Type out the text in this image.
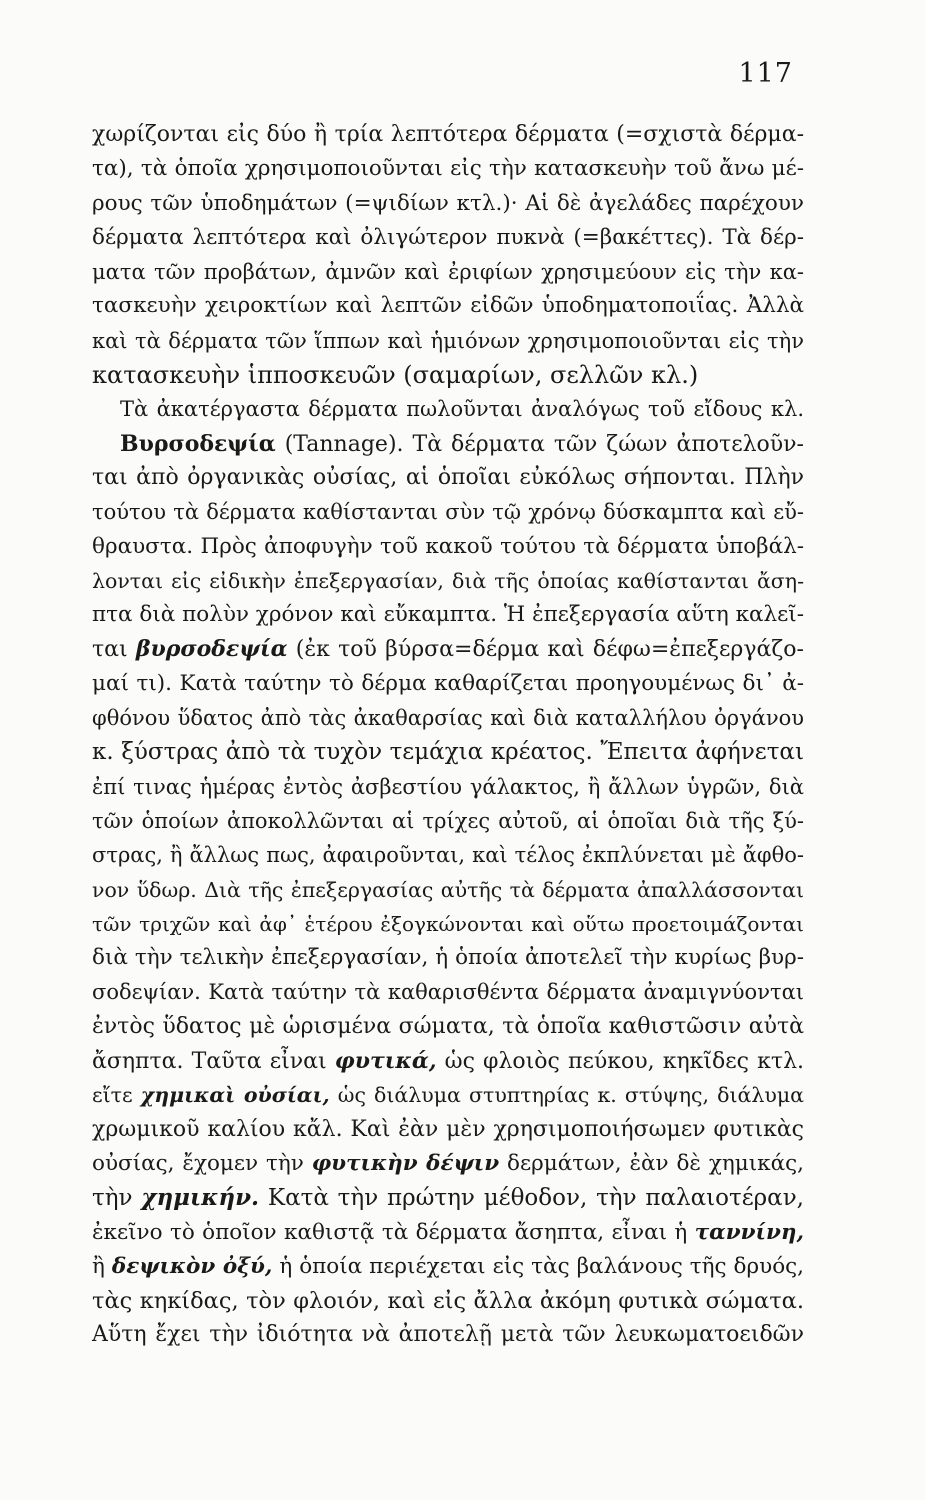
117
χωρίζονται εἰς δύο ἢ τρία λεπτότερα δέρματα (=σχιστὰ δέρμα-
τα), τὰ ὁποῖα χρησιμοποιοῦνται εἰς τὴν κατασκευὴν τοῦ ἄνω μέ-
ρους τῶν ὑποδημάτων (=ψιδίων κτλ.)· Αἱ δὲ ἀγελάδες παρέχουν
δέρματα λεπτότερα καὶ ὀλιγώτερον πυκνὰ (=βακέττες). Τὰ δέρ-
ματα τῶν προβάτων, ἀμνῶν καὶ ἐριφίων χρησιμεύουν εἰς τὴν κα-
τασκευὴν χειροκτίων καὶ λεπτῶν εἰδῶν ὑποδηματοποιΐας. Ἀλλὰ
καὶ τὰ δέρματα τῶν ἵππων καὶ ἡμιόνων χρησιμοποιοῦνται εἰς τὴν
κατασκευὴν ἱπποσκευῶν (σαμαρίων, σελλῶν κλ.)
Τὰ ἀκατέργαστα δέρματα πωλοῦνται ἀναλόγως τοῦ εἴδους κλ.
Βυρσοδεψία (Tannage). Τὰ δέρματα τῶν ζώων ἀποτελοῦν-
ται ἀπὸ ὀργανικὰς οὐσίας, αἱ ὁποῖαι εὐκόλως σήπονται. Πλὴν
τούτου τὰ δέρματα καθίστανται σὺν τῷ χρόνῳ δύσκαμπτα καὶ εὔ-
θραυστα. Πρὸς ἀποφυγὴν τοῦ κακοῦ τούτου τὰ δέρματα ὑποβάλ-
λονται εἰς εἰδικὴν ἐπεξεργασίαν, διὰ τῆς ὁποίας καθίστανται ἄση-
πτα διὰ πολὺν χρόνον καὶ εὔκαμπτα. Ἡ ἐπεξεργασία αὕτη καλεῖ-
ται βυρσοδεψία (ἐκ τοῦ βύρσα=δέρμα καὶ δέφω=ἐπεξεργάζο-
μαί τι). Κατὰ ταύτην τὸ δέρμα καθαρίζεται προηγουμένως δι᾿ ἀ-
φθόνου ὕδατος ἀπὸ τὰς ἀκαθαρσίας καὶ διὰ καταλλήλου ὀργάνου
κ. ξύστρας ἀπὸ τὰ τυχὸν τεμάχια κρέατος. Ἔπειτα ἀφήνεται
ἐπί τινας ἡμέρας ἐντὸς ἀσβεστίου γάλακτος, ἢ ἄλλων ὑγρῶν, διὰ
τῶν ὁποίων ἀποκολλῶνται αἱ τρίχες αὐτοῦ, αἱ ὁποῖαι διὰ τῆς ξύ-
στρας, ἢ ἄλλως πως, ἀφαιροῦνται, καὶ τέλος ἐκπλύνεται μὲ ἄφθο-
νον ὕδωρ. Διὰ τῆς ἐπεξεργασίας αὐτῆς τὰ δέρματα ἀπαλλάσσονται
τῶν τριχῶν καὶ ἀφ᾿ ἑτέρου ἐξογκώνονται καὶ οὕτω προετοιμάζονται
διὰ τὴν τελικὴν ἐπεξεργασίαν, ἡ ὁποία ἀποτελεῖ τὴν κυρίως βυρ-
σοδεψίαν. Κατὰ ταύτην τὰ καθαρισθέντα δέρματα ἀναμιγνύονται
ἐντὸς ὕδατος μὲ ὡρισμένα σώματα, τὰ ὁποῖα καθιστῶσιν αὐτὰ
ἄσηπτα. Ταῦτα εἶναι φυτικά, ὡς φλοιὸς πεύκου, κηκῖδες κτλ.
εἴτε χημικαὶ οὐσίαι, ὡς διάλυμα στυπτηρίας κ. στύψης, διάλυμα
χρωμικοῦ καλίου κἄλ. Καὶ ἐὰν μὲν χρησιμοποιήσωμεν φυτικὰς
οὐσίας, ἔχομεν τὴν φυτικὴν δέψιν δερμάτων, ἐὰν δὲ χημικάς,
τὴν χημικήν. Κατὰ τὴν πρώτην μέθοδον, τὴν παλαιοτέραν,
ἐκεῖνο τὸ ὁποῖον καθιστᾷ τὰ δέρματα ἄσηπτα, εἶναι ἡ ταννίνη,
ἢ δεψικὸν ὀξύ, ἡ ὁποία περιέχεται εἰς τὰς βαλάνους τῆς δρυός,
τὰς κηκίδας, τὸν φλοιόν, καὶ εἰς ἄλλα ἀκόμη φυτικὰ σώματα.
Αὕτη ἔχει τὴν ἰδιότητα νὰ ἀποτελῇ μετὰ τῶν λευκωματοειδῶν
